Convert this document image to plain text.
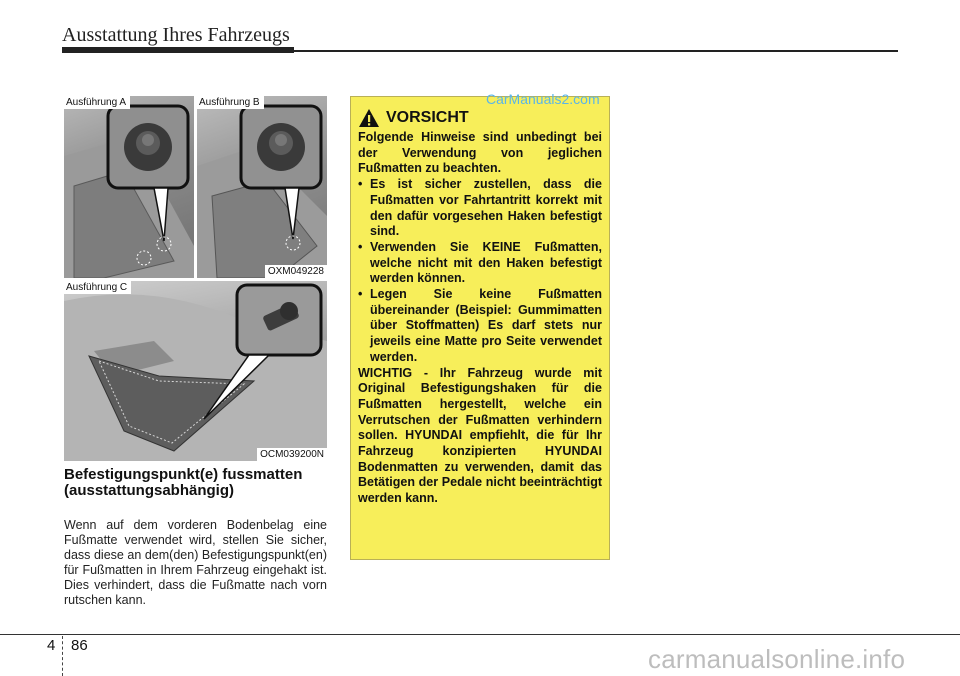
Ausstattung Ihres Fahrzeugs
Ausführung A	Ausführung B
OXM049228
Ausführung C
OCM039200N
Befestigungspunkt(e) fussmatten (ausstattungsabhängig)
Wenn auf dem vorderen Bodenbelag eine Fußmatte verwendet wird, stellen Sie sicher, dass diese an dem(den) Befestigungspunkt(en) für Fußmatten in Ihrem Fahrzeug eingehakt ist. Dies verhindert, dass die Fußmatte nach vorn rutschen kann.
VORSICHT

Folgende Hinweise sind unbedingt bei der Verwendung von jeglichen Fußmatten zu beachten.

• Es ist sicher zustellen, dass die Fußmatten vor Fahrtantritt korrekt mit den dafür vorgesehen Haken befestigt sind.
• Verwenden Sie KEINE Fußmatten, welche nicht mit den Haken befestigt werden können.
• Legen Sie keine Fußmatten übereinander (Beispiel: Gummimatten über Stoffmatten) Es darf stets nur jeweils eine Matte pro Seite verwendet werden.

WICHTIG - Ihr Fahrzeug wurde mit Original Befestigungshaken für die Fußmatten hergestellt, welche ein Verrutschen der Fußmatten verhindern sollen. HYUNDAI empfiehlt, die für Ihr Fahrzeug konzipierten HYUNDAI Bodenmatten zu verwenden, damit das Betätigen der Pedale nicht beeinträchtigt werden kann.

CarManuals2.com
4 86	carmanualsonline.info
